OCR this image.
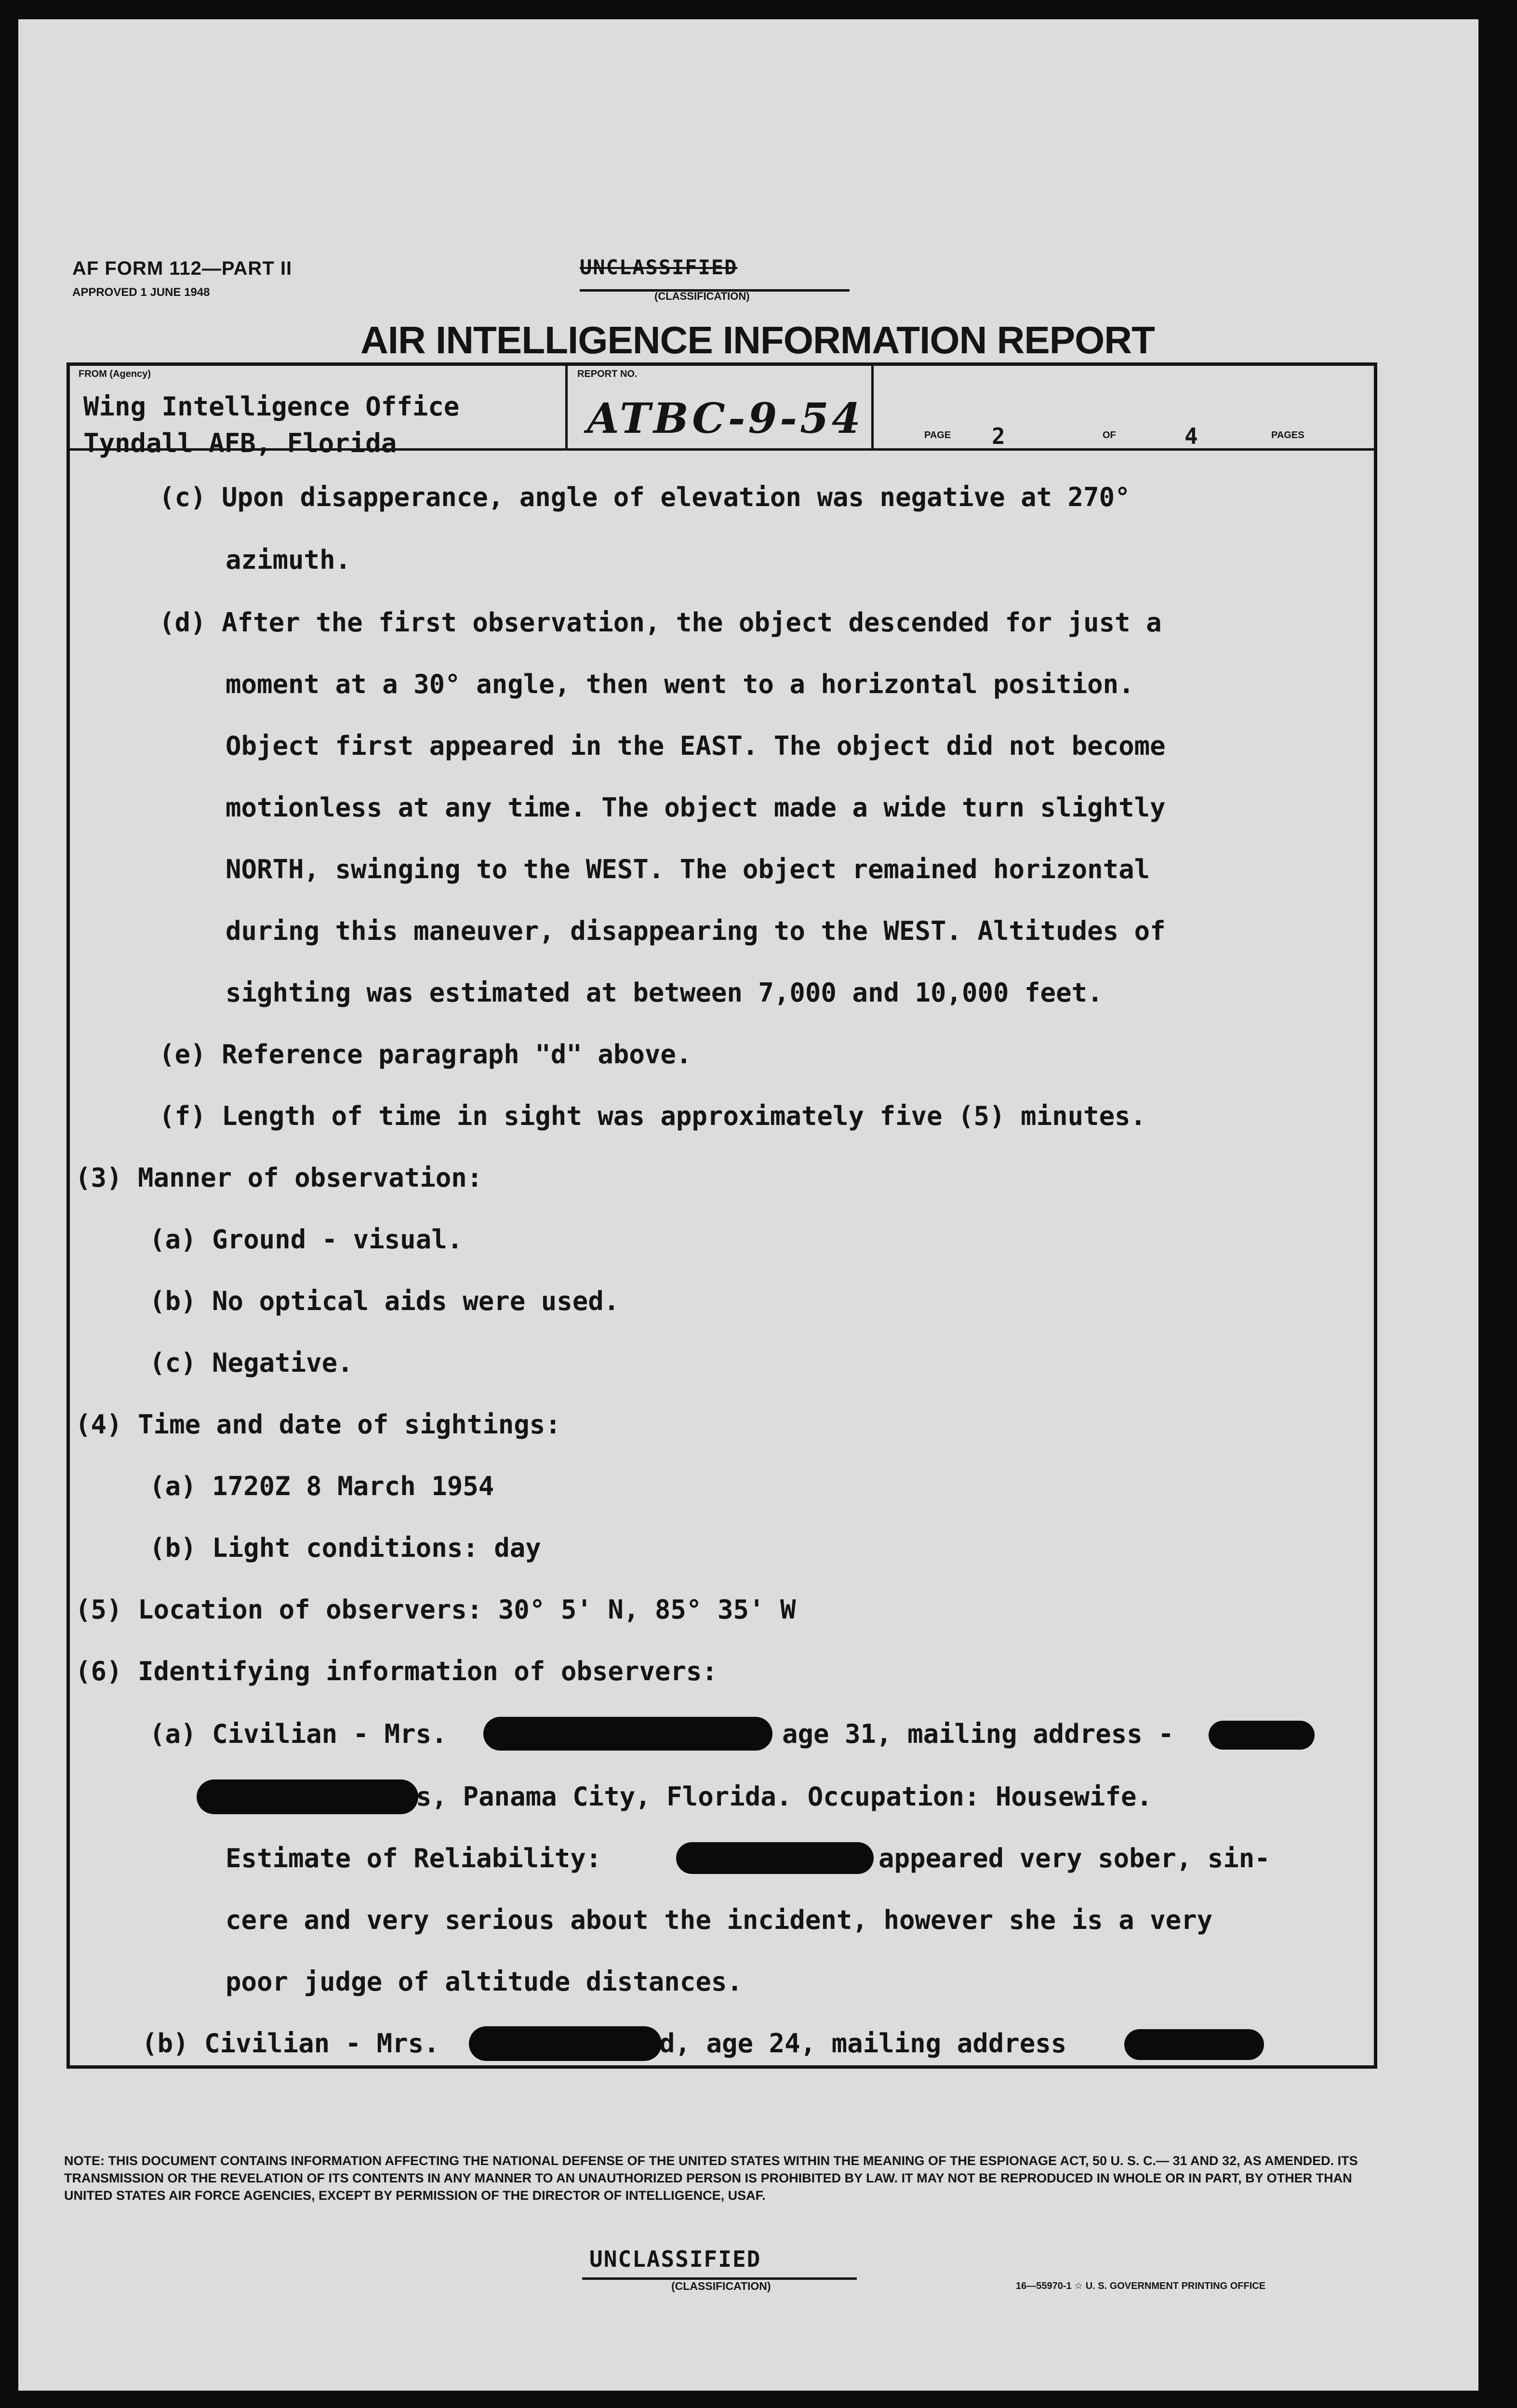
AF FORM 112—PART II
APPROVED 1 JUNE 1948
UNCLASSIFIED
(CLASSIFICATION)
AIR INTELLIGENCE INFORMATION REPORT
FROM (Agency)
Wing Intelligence Office
Tyndall AFB, Florida
REPORT NO.
ATBC-9-54	PAGE 2	OF	4	PAGES
(c) Upon disapperance, angle of elevation was negative at 270°
azimuth.
(d) After the first observation, the object descended for just a
moment at a 30° angle, then went to a horizontal position.
Object first appeared in the EAST. The object did not become
motionless at any time. The object made a wide turn slightly
NORTH, swinging to the WEST. The object remained horizontal
during this maneuver, disappearing to the WEST. Altitudes of
sighting was estimated at between 7,000 and 10,000 feet.
(e) Reference paragraph "d" above.
(f) Length of time in sight was approximately five (5) minutes.
(3) Manner of observation:
(a) Ground - visual.
(b) No optical aids were used.
(c) Negative.
(4) Time and date of sightings:
(a) 1720Z 8 March 1954
(b) Light conditions: day
(5) Location of observers: 30° 5' N, 85° 35' W
(6) Identifying information of observers:
(a) Civilian - Mrs.	age 31, mailing address -
s, Panama City, Florida. Occupation: Housewife.
Estimate of Reliability:	appeared very sober, sin-
cere and very serious about the incident, however she is a very
poor judge of altitude distances.
(b) Civilian - Mrs.	d, age 24, mailing address
NOTE: THIS DOCUMENT CONTAINS INFORMATION AFFECTING THE NATIONAL DEFENSE OF THE UNITED STATES WITHIN THE MEANING OF THE ESPIONAGE ACT, 50 U. S. C.— 31 AND 32, AS AMENDED. ITS TRANSMISSION OR THE REVELATION OF ITS CONTENTS IN ANY MANNER TO AN UNAUTHORIZED PERSON IS PROHIBITED BY LAW. IT MAY NOT BE REPRODUCED IN WHOLE OR IN PART, BY OTHER THAN UNITED STATES AIR FORCE AGENCIES, EXCEPT BY PERMISSION OF THE DIRECTOR OF INTELLIGENCE, USAF.
UNCLASSIFIED
(CLASSIFICATION)	16—55970-1 ☆ U. S. GOVERNMENT PRINTING OFFICE
